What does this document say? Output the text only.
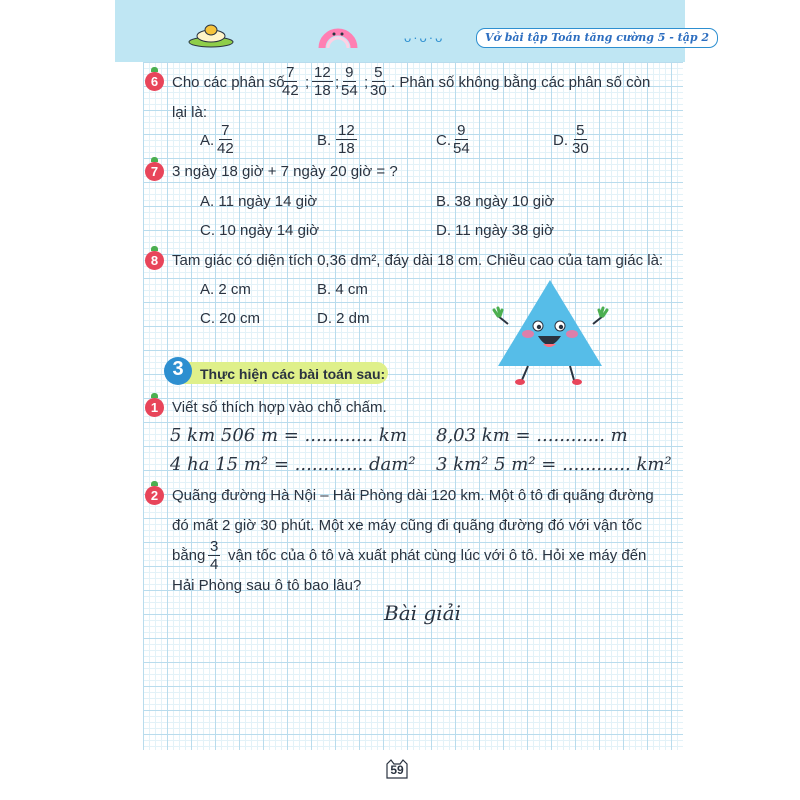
ᴗ·ᴗ·ᴗ	Vở bài tập Toán tăng cường 5 - tập 2
6 Cho các phân số
$\frac{7}{42}$ ; $\frac{12}{18}$ ; $\frac{9}{54}$ ; $\frac{5}{30}$ . Phân số không bằng các phân số còn
lại là:
A. $\frac{7}{42}$	B. $\frac{12}{18}$	C. $\frac{9}{54}$	D. $\frac{5}{30}$
7 3 ngày 18 giờ + 7 ngày 20 giờ = ?
A. 11 ngày 14 giờ	B. 38 ngày 10 giờ
C. 10 ngày 14 giờ	D. 11 ngày 38 giờ
8 Tam giác có diện tích 0,36 dm², đáy dài 18 cm. Chiều cao của tam giác là:
A. 2 cm	B. 4 cm
C. 20 cm	D. 2 dm
3	Thực hiện các bài toán sau:
1 Viết số thích hợp vào chỗ chấm.
5 km 506 m = ............ km 8,03 km = ............ m
4 ha 15 m² = ............ dam² 3 km² 5 m² = ............ km²
2 Quãng đường Hà Nội – Hải Phòng dài 120 km. Một ô tô đi quãng đường
đó mất 2 giờ 30 phút. Một xe máy cũng đi quãng đường đó với vận tốc
bằng $\frac{3}{4}$ vận tốc của ô tô và xuất phát cùng lúc với ô tô. Hỏi xe máy đến
Hải Phòng sau ô tô bao lâu?
Bài giải
59
